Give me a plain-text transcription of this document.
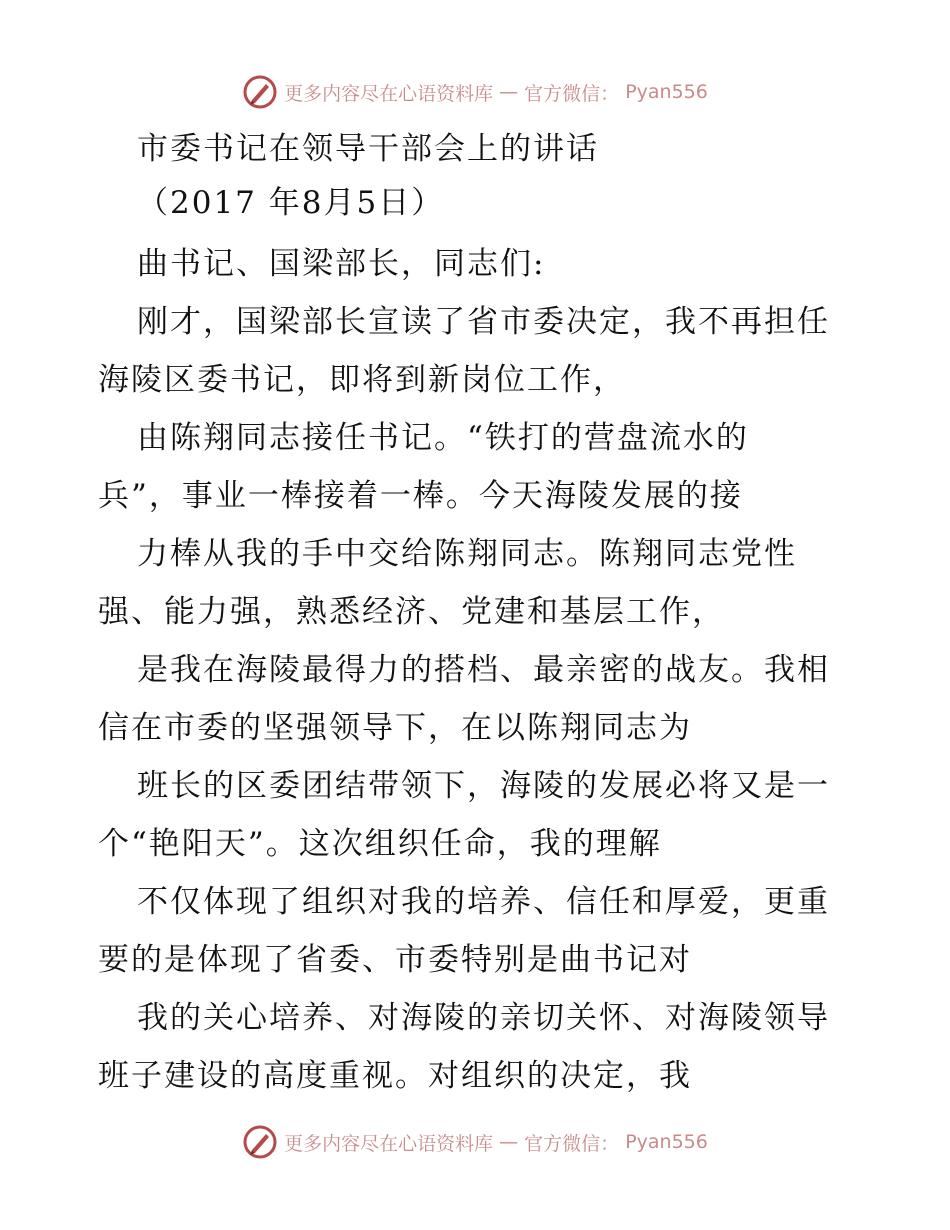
更多内容尽在心语资料库 — 官方微信： Pyan556
市委书记在领导干部会上的讲话
（2017 年8月5日）
曲书记、国梁部长，同志们:
刚才，国梁部长宣读了省市委决定，我不再担任
海陵区委书记，即将到新岗位工作，
由陈翔同志接任书记。“铁打的营盘流水的
兵”，事业一棒接着一棒。今天海陵发展的接
力棒从我的手中交给陈翔同志。陈翔同志党性
强、能力强，熟悉经济、党建和基层工作，
是我在海陵最得力的搭档、最亲密的战友。我相
信在市委的坚强领导下，在以陈翔同志为
班长的区委团结带领下，海陵的发展必将又是一
个“艳阳天”。这次组织任命，我的理解
不仅体现了组织对我的培养、信任和厚爱，更重
要的是体现了省委、市委特别是曲书记对
我的关心培养、对海陵的亲切关怀、对海陵领导
班子建设的高度重视。对组织的决定，我
更多内容尽在心语资料库 — 官方微信： Pyan556
